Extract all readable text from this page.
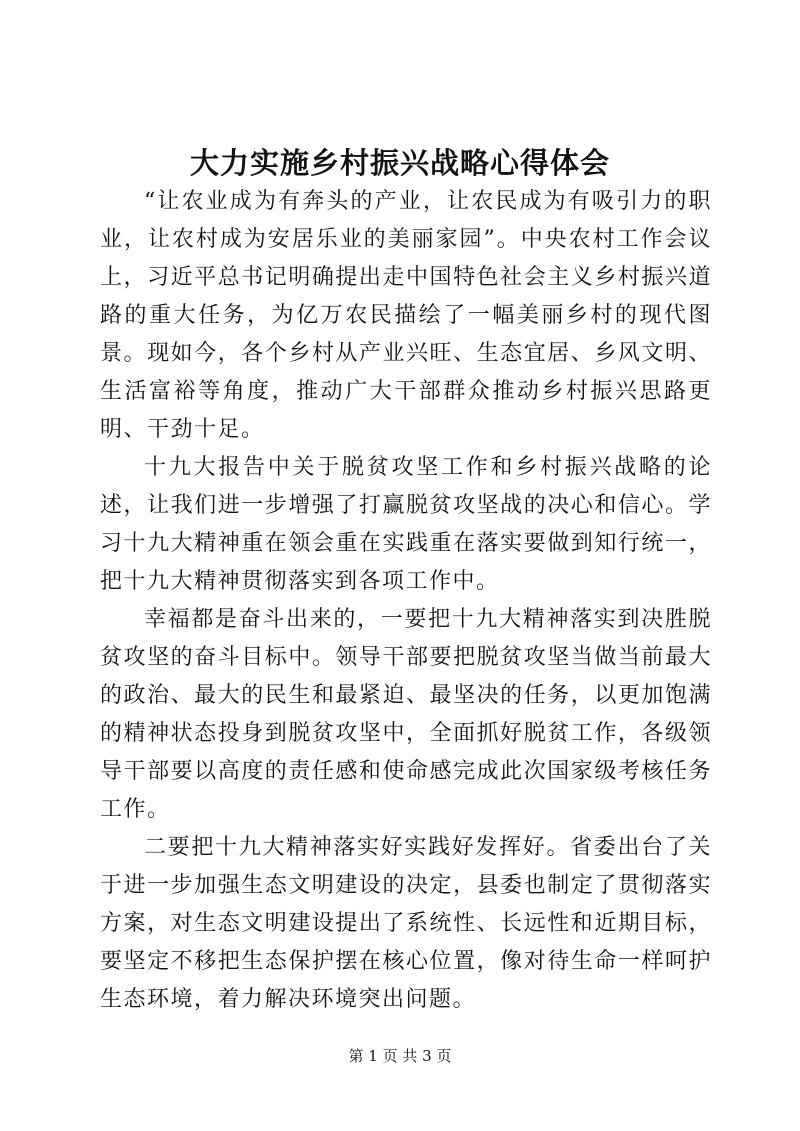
大力实施乡村振兴战略心得体会

“让农业成为有奔头的产业，让农民成为有吸引力的职业，让农村成为安居乐业的美丽家园”。中央农村工作会议上，习近平总书记明确提出走中国特色社会主义乡村振兴道路的重大任务，为亿万农民描绘了一幅美丽乡村的现代图景。现如今，各个乡村从产业兴旺、生态宜居、乡风文明、生活富裕等角度，推动广大干部群众推动乡村振兴思路更明、干劲十足。

十九大报告中关于脱贫攻坚工作和乡村振兴战略的论述，让我们进一步增强了打赢脱贫攻坚战的决心和信心。学习十九大精神重在领会重在实践重在落实要做到知行统一，把十九大精神贯彻落实到各项工作中。

幸福都是奋斗出来的，一要把十九大精神落实到决胜脱贫攻坚的奋斗目标中。领导干部要把脱贫攻坚当做当前最大的政治、最大的民生和最紧迫、最坚决的任务，以更加饱满的精神状态投身到脱贫攻坚中，全面抓好脱贫工作，各级领导干部要以高度的责任感和使命感完成此次国家级考核任务工作。

二要把十九大精神落实好实践好发挥好。省委出台了关于进一步加强生态文明建设的决定，县委也制定了贯彻落实方案，对生态文明建设提出了系统性、长远性和近期目标，要坚定不移把生态保护摆在核心位置，像对待生命一样呵护生态环境，着力解决环境突出问题。

第 1 页 共 3 页
